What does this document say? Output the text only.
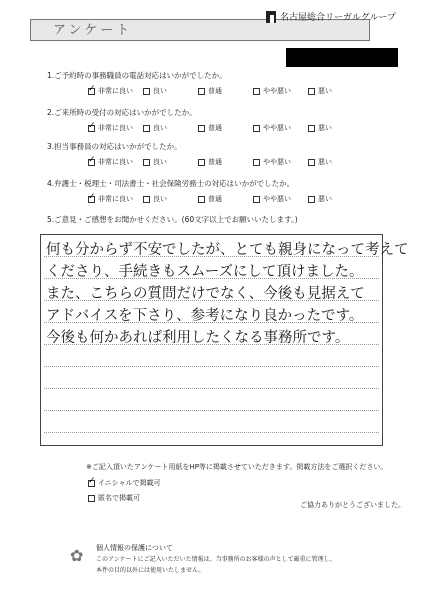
アンケート
名古屋総合リーガルグループ
1.ご予約時の事務職員の電話対応はいかがでしたか。
✓
非常に良い	良い	普通	やや悪い	悪い
2.ご来所時の受付の対応はいかがでしたか。
✓
非常に良い	良い	普通	やや悪い	悪い
3.担当事務員の対応はいかがでしたか。
✓
非常に良い	良い	普通	やや悪い	悪い
4.弁護士・税理士・司法書士・社会保険労務士の対応はいかがでしたか。
✓
非常に良い	良い	普通	やや悪い	悪い
5.ご意見・ご感想をお聞かせください。(60文字以上でお願いいたします。)
何も分からず不安でしたが、とても親身になって考えて
くださり、手続きもスムーズにして頂けました。
また、こちらの質問だけでなく、今後も見据えて
アドバイスを下さり、参考になり良かったです。
今後も何かあれば利用したくなる事務所です。
※ご記入頂いたアンケート用紙をHP等に掲載させていただきます。掲載方法をご選択ください。
✓
イニシャルで掲載可
匿名で掲載可
ご協力ありがとうございました。
✿ 個人情報の保護について
このアンケートにご記入いただいた情報は、当事務所のお客様の声として厳重に管理し、
本件の目的以外には使用いたしません。
